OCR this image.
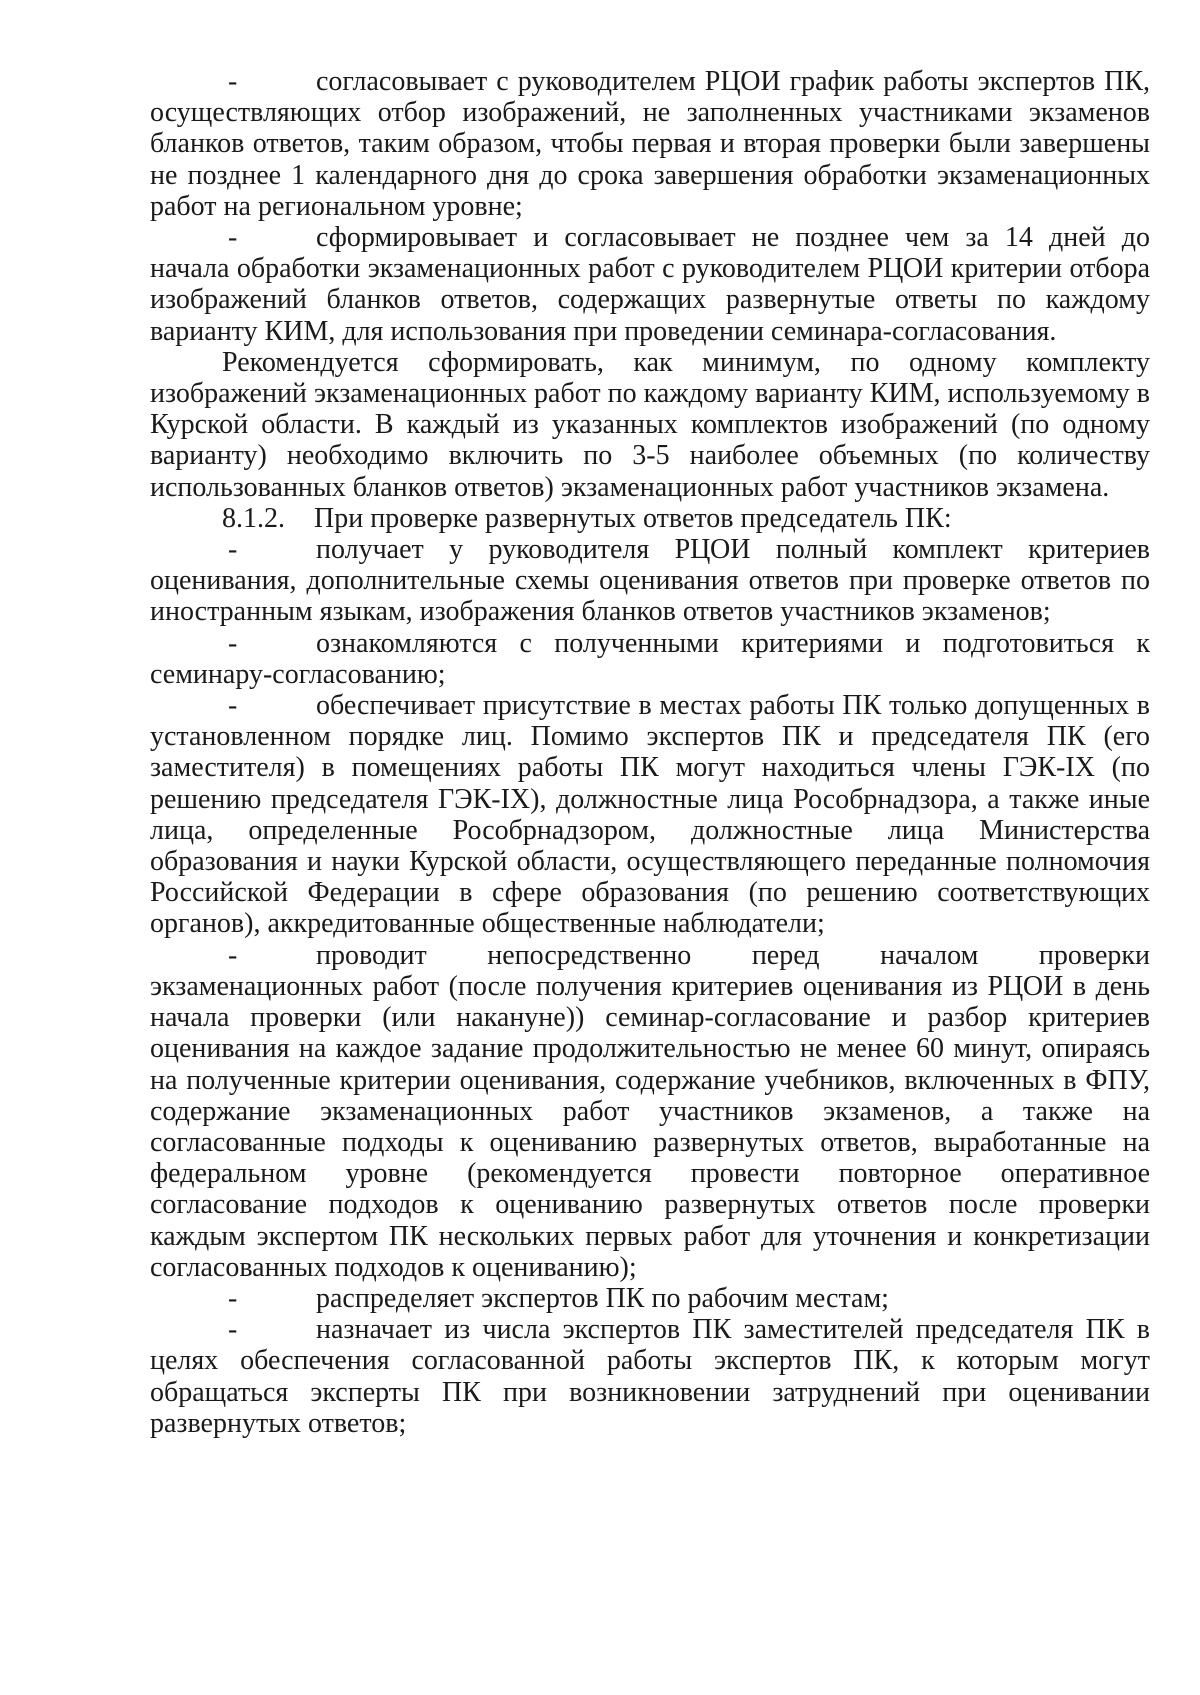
-	согласовывает с руководителем РЦОИ график работы экспертов ПК, осуществляющих отбор изображений, не заполненных участниками экзаменов бланков ответов, таким образом, чтобы первая и вторая проверки были завершены не позднее 1 календарного дня до срока завершения обработки экзаменационных работ на региональном уровне;

-	сформировывает и согласовывает не позднее чем за 14 дней до начала обработки экзаменационных работ с руководителем РЦОИ критерии отбора изображений бланков ответов, содержащих развернутые ответы по каждому варианту КИМ, для использования при проведении семинара-согласования.

Рекомендуется сформировать, как минимум, по одному комплекту изображений экзаменационных работ по каждому варианту КИМ, используемому в Курской области. В каждый из указанных комплектов изображений (по одному варианту) необходимо включить по 3-5 наиболее объемных (по количеству использованных бланков ответов) экзаменационных работ участников экзамена.

8.1.2. При проверке развернутых ответов председатель ПК:

-	получает у руководителя РЦОИ полный комплект критериев оценивания, дополнительные схемы оценивания ответов при проверке ответов по иностранным языкам, изображения бланков ответов участников экзаменов;

-	ознакомляются с полученными критериями и подготовиться к семинару-согласованию;

-	обеспечивает присутствие в местах работы ПК только допущенных в установленном порядке лиц. Помимо экспертов ПК и председателя ПК (его заместителя) в помещениях работы ПК могут находиться члены ГЭК-IX (по решению председателя ГЭК-IX), должностные лица Рособрнадзора, а также иные лица, определенные Рособрнадзором, должностные лица Министерства образования и науки Курской области, осуществляющего переданные полномочия Российской Федерации в сфере образования (по решению соответствующих органов), аккредитованные общественные наблюдатели;

-	проводит непосредственно перед началом проверки экзаменационных работ (после получения критериев оценивания из РЦОИ в день начала проверки (или накануне)) семинар-согласование и разбор критериев оценивания на каждое задание продолжительностью не менее 60 минут, опираясь на полученные критерии оценивания, содержание учебников, включенных в ФПУ, содержание экзаменационных работ участников экзаменов, а также на согласованные подходы к оцениванию развернутых ответов, выработанные на федеральном уровне (рекомендуется провести повторное оперативное согласование подходов к оцениванию развернутых ответов после проверки каждым экспертом ПК нескольких первых работ для уточнения и конкретизации согласованных подходов к оцениванию);

-	распределяет экспертов ПК по рабочим местам;

-	назначает из числа экспертов ПК заместителей председателя ПК в целях обеспечения согласованной работы экспертов ПК, к которым могут обращаться эксперты ПК при возникновении затруднений при оценивании развернутых ответов;
